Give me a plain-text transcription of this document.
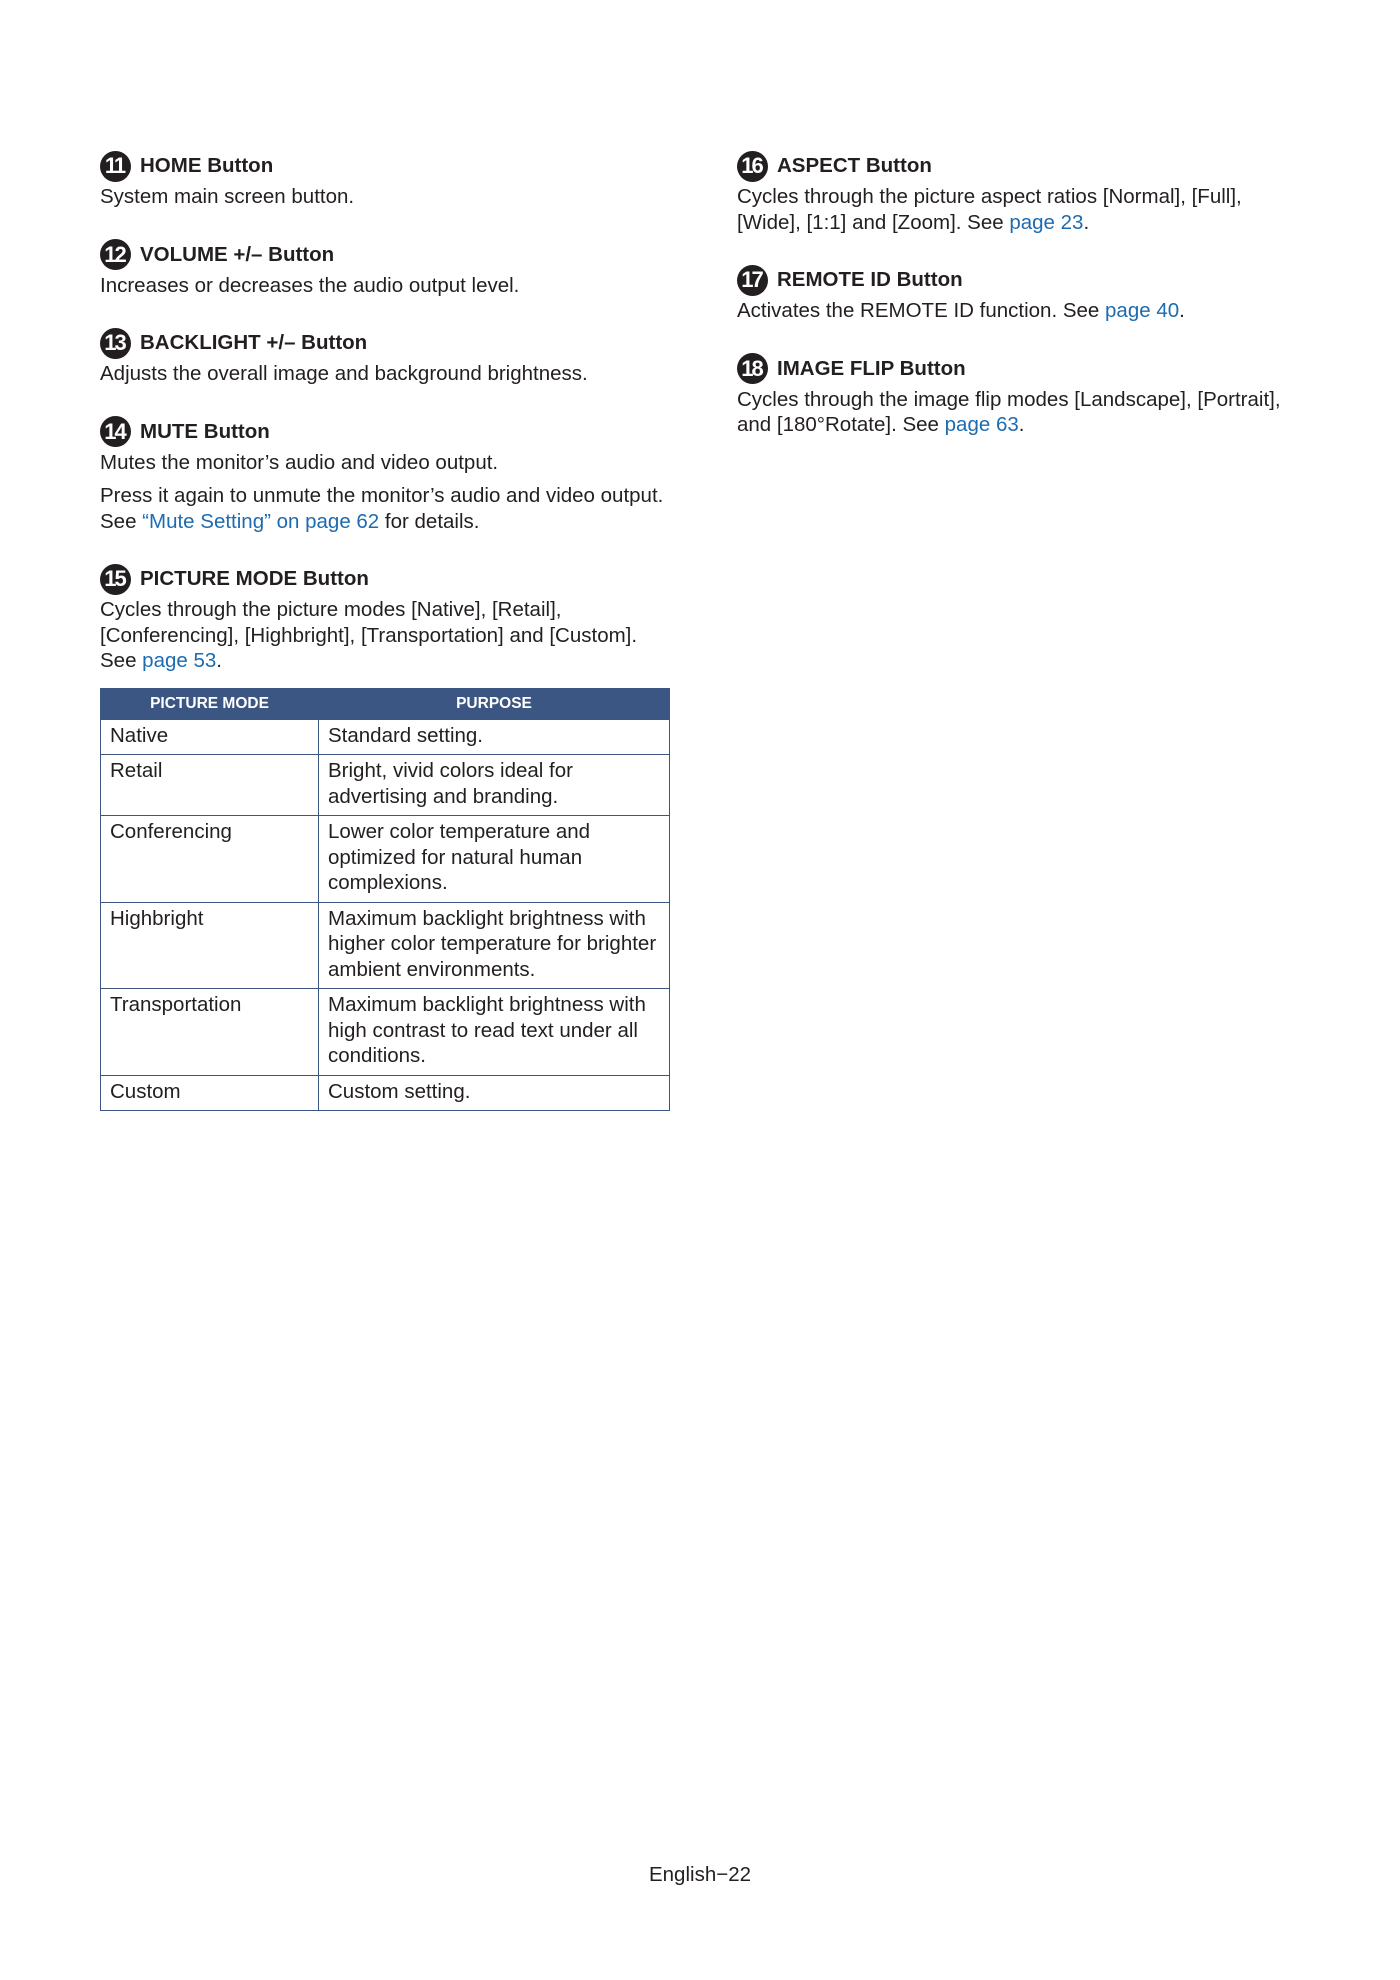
11 HOME Button

System main screen button.

12 VOLUME +/– Button

Increases or decreases the audio output level.

13 BACKLIGHT +/– Button

Adjusts the overall image and background brightness.

14 MUTE Button

Mutes the monitor’s audio and video output.

Press it again to unmute the monitor’s audio and video output. See “Mute Setting” on page 62 for details.

15 PICTURE MODE Button

Cycles through the picture modes [Native], [Retail], [Conferencing], [Highbright], [Transportation] and [Custom]. See page 53.

PICTURE MODE	PURPOSE
Native	Standard setting.
Retail	Bright, vivid colors ideal for advertising and branding.
Conferencing	Lower color temperature and optimized for natural human complexions.
Highbright	Maximum backlight brightness with higher color temperature for brighter ambient environments.
Transportation	Maximum backlight brightness with high contrast to read text under all conditions.
Custom	Custom setting.
16 ASPECT Button

Cycles through the picture aspect ratios [Normal], [Full], [Wide], [1:1] and [Zoom]. See page 23.

17 REMOTE ID Button

Activates the REMOTE ID function. See page 40.

18 IMAGE FLIP Button

Cycles through the image flip modes [Landscape], [Portrait], and [180°Rotate]. See page 63.

English−22
